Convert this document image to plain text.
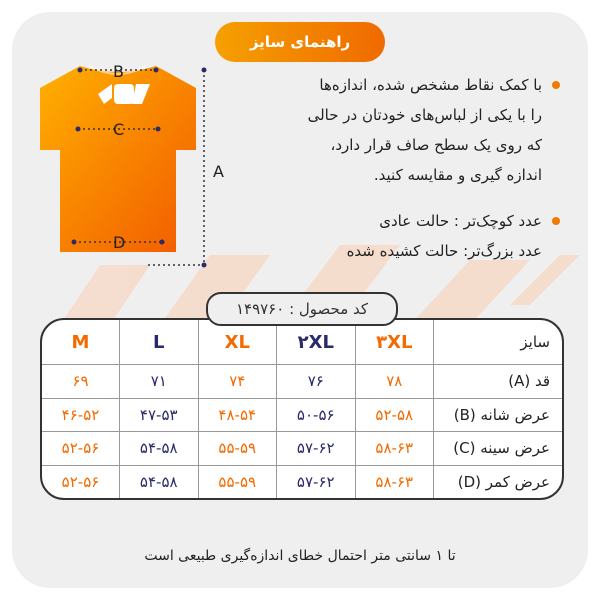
راهنمای سایز
B
C
D
A
با کمک نقاط مشخص شده، اندازه‌ها
را با یکی از لباس‌های خودتان در حالی
که روی یک سطح صاف قرار دارد،
اندازه گیری و مقایسه کنید.
عدد کوچک‌تر : حالت عادی
عدد بزرگ‌تر: حالت کشیده شده
سایز	۳XL	۲XL	XL	L	M
قد (A)	۷۸	۷۶	۷۴	۷۱	۶۹
عرض شانه (B)	۵۲-۵۸	۵۰-۵۶	۴۸-۵۴	۴۷-۵۳	۴۶-۵۲
عرض سینه (C)	۵۸-۶۳	۵۷-۶۲	۵۵-۵۹	۵۴-۵۸	۵۲-۵۶
عرض کمر (D)	۵۸-۶۳	۵۷-۶۲	۵۵-۵۹	۵۴-۵۸	۵۲-۵۶
کد محصول :

۱۴۹۷۶۰
تا ۱ سانتی متر احتمال خطای اندازه‌گیری طبیعی است
